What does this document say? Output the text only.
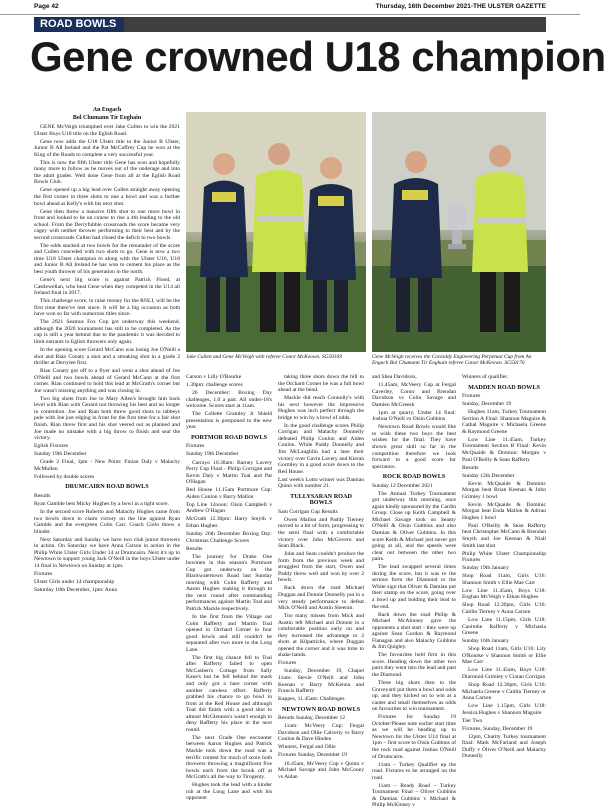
Page 42	Thursday, 16th December 2021-THE ULSTER GAZETTE
ROAD BOWLS
Gene crowned U18 champion
An Engach
Bol Chumann Tír Eoghain

GENE McVeigh triumphed over Jake Cullen to win the 2021 Ulster Boys U18 title on the Eglish Road.

Gene now adds the U18 Ulster title to the Junior B Ulster, Junior B All Ireland and the Pat McCaffrey Cup he won at the King of the Roads to complete a very successful year.

This is now the fifth Ulster title Gene has won and hopefully many more to follow as he moves out of the underage and into the adult grades. Well done Gene from all at the Eglish Road Bowls Club.

Gene opened up a big lead over Cullen straight away opening the first corner in three shots to one a bowl and was a further bowl ahead at Kelly's with his next shot.

Gene then threw a massive fifth shot to one more bowl in front and looked to be on course to rise a 4th leading to the old school. From the Derryfubble crossroads the score became very cagey with neither thrower performing to their best and by the second crossroads Cullen had closed the deficit to two bowls.

The odds stacked at two bowls for the remainder of the score and Cullen conceded with two shots to go. Gene is now a two time U18 Ulster champion to along with the Ulster U16, U16 and Junior B All Ireland he has won to cement his place as the best youth thrower of his generation in the north.

Gene's next big score is against Patrick Flood, at Castlewellan, who beat Gene when they competed in the U14 all Ireland final in 2017.

This challenge score, to raise money for the RNLI, will be the first time there've met since. It will be a big occasion as both have won so far with numerous titles since.

The 2021 Seamus Fox Cup got underway this weekend, although the 2020 tournament has still to be completed. As the cup is still a year behind due to the pandemic it was decided to limit entrants to Eglish throwers only again.

In the opening score Gerard McCann was losing Joe O'Neill a shot and Rian Conaty a shot and a streaking shot in a grade 2 thriller at Derrylee first.

Rian Conaty got off to a flyer and went a shot ahead of Joe O'Neill and two bowls ahead of Gerard McCann at the first corner. Rian continued to hold this lead at McGrath's corner but Joe wasn't missing anything and was closing in.

Two big shots from Joe to Mary Allen's brought him back level with Rian with Gerard not throwing his best and no longer in contention. Joe and Rian both threw good shots to tabbeys pole with Joe just edging in front for the first time for a fair shot finish. Rian threw first and his shot veered out as planned and Joe made no mistake with a big throw to finish and seal the victory.

Eglish Fixtures

Sunday 19th December

Grade 2 Final, 1pm - New Point: Finian Daly v Malachy McMullen

Followed by double scores

DRUMCAIRN ROAD BOWLS

Results

Ryan Gamble best Micky Hughes by a bowl in a tight score.

In the second score Roberto and Malachy Hughes came from two bowls down to claim victory on the line against Ryan Gamble and the evergreen Colin Carr. Coach Colin threw a blinder.

Next Saturday and Sunday we have two club junior throwers in action. On Saturday we have Anna Carson in action in the Philip White Ulster Girls Under 14 at Drumcairn. Next it's up to Newtown to support young Jack O'Neill in the boys Ulster under 14 final in Newtown on Sunday at 1pm.

Fixtures

Ulster Girls under 14 championship

Saturday 18th December, 1pm: Anna

Jake Cullen and Gene McVeigh with referee Conor McKeown. SG50169	Gene McVeigh receives the Considdy Engineering Perpetual Cup from An Engach Bol Chumann Tír Eoghain referee Conor McKeown. SG50170

Carson v Lilly O'Rourke

1.30pm: challenge scores

26 December: Boxing Day challenges, 1.0 a pair. All under-18's welcome. Scores start at 11am.

The Collette Gramley Jr Shield presentation is postponed to the new year.

PORTMOR ROAD BOWLS

Fixtures

Sunday 19th December

Carrayo 10.30am: Barney Lavery Perry Cup Final - Philip Corrigan and Kevin Daly v Martin Toal and Pat O'Hagan

Red House 11.15am Portmore Cup: Aiden Conlon v Barry Mallon

Top Line 12noon: Oisin Campbell v Andrew O'Hagan

McGrath 12.30pm: Harry Smyth v Ethan Hughes

Sunday 26th December Boxing Day: Christmas Challenge Scores

Results

The journey for Drake One bowmen in this season's Portmore Cup got underway on the Blackwatertown Road last Sunday morning with Colm Rafferty and Aaron Hughes making it through to the next round after commanding performances against Martin Toal and Patrick Mackle respectively.

In the first from the Village out Colm Rafferty and Martin Toal opened in Orchard Corner in four good bowls and still couldn't be separated after two more to the Long Lane.

The first big chance fell to Toal after Rafferty failed to open McCashen's Cottage from Sally Kane's but he fell behind the mark and only got a bare corner with another careless effort. Rafferty grabbed his chance to go bowl in front at the Red House and although Toal did finish with a good shot to almost McGlennon's wasn't enough to deny Rafferty his place in the next round.

The next Grade One encounter between Aaron Hughes and Patrick Mackle took down the road was a terrific contest for much of score both throwers throwing a magnificent five bowls each from the brook off at McGrath's all the way to Tirogenty.

Hughes took the lead with a kinder rub at the Long Lane and with his opponent

taking three shots down the hill to the Orchard Corner he was a full bowl ahead at the bend.

Mackle did reach Connolly's with his next however the impressive Hughes was inch perfect through the bridge to win by a bowl of odds.

In the good challenge scores Philip Corrigan and Malachy Donnelly defeated Philip Conlon and Aiden Conlon. While Paddy Donnelly and Jim McLaughlin had a lane their victory over Gavin Lavery and Kieran Gormley in a good score down to the Red House.

Last week's Lotto winner was Damian Quinn with number 21.

TULLYSARAN ROAD BOWLS

Sam Corrigan Cup Results

Owen Mallon and Paddy Tierney moved to a bit of form, progressing to the semi final with a comfortable victory over John McGovern and Sean Black.

John and Sean couldn't produce the form from the previous week and struggled from the start, Owen and Paddy threw well and won by over 2 bowls.

Back down the road Michael Duggan and Donnie Donnelly put in a very steady performance to defeat Mick O'Neill and Austin Sheeran.

Too many misses from Mick and Austin left Michael and Donnie in a comfortable position early on and they increased the advantage to 2 shots at Kilpatricks, where Duggan opened the corner and it was time to shake hands.

Fixtures

Sunday, December 19, Chapel 11am: Stevie O'Neill and John Keenan v Barry McKenna and Francis Rafferty

Kappes, 11.45am: Challenges

NEWTOWN ROAD BOWLS

Results Sunday, December 12

11am: McVeery Cup: Fergal Davidson and Ollie Calverty vs Barry Conlon & Dave Hinden

Winners, Fergal and Ollie

Fixtures Sunday, December 19

10.45am, McVeery Cup v Quinn v Michael Savage and John McCooey vs Aidan

and Shea Davidson,

11.45am, McVeery Cup at Fergal Caverley, Conor and Brendan Davidson vs Colin Savage and Damien McGreesh

1pm at quarry, Under 14 final: Joshua O'Neill vs Oisin Gubbins

Newtown Road Bowls would like to wish these two boys the best wishes for the final. They have shown great skill so far in the competition therefore we look forward to a good score for spectators.

ROCK ROAD BOWLS

Sunday 12 December 2021

The Annual Turkey Tournament got underway this morning, once again kindly sponsored by the Cardin Group. Close up Keith Campbell & Michael Savage took on Seamy O'Neill & Oisin Gubbins and also Damian & Oliver Gubbins. In this score Keith & Michael just never got going at all, and the speeds were clear out between the other two pairs.

The lead swapped several times during the score, but it was to the serious form the Diamond to the White sign that Oliver & Damian put their stamp on the score, going over a bowl up and holding their lead to the end.

Back down the road Philip & Michael McAlinney gave the opponents a shot start - they were up against Sean Gordon & Raymond Flanagan and also Malachy Gubbins & Jim Quigley.

The favourites held firm in this score. Heading down the other two pairs they went into the lead and past the Diamond.

Three big shots then to the Graveyard put them a bowl and odds up, and they kicked on to win at a canter and small themselves as odds on favourites to win tournament.

Fixtures for Sunday 19 October/Please note earlier start time as we will be heading up to Newtown for the Ulster U14 final at 1pm – first score to Oisin Gubbins of the rock road against Joshua O'Neill of Drumcairn.

11am – Turkey Qualifier up the road. Fixtures to be arranged on the road.

11am – Ready Road – Turkey Tournament Final – Oliver Gubbins & Damian Gubbins v Michael & Philip McKinney v

Winners of qualifier.

MADDEN ROAD BOWLS

Fixtures

Sunday, December 19

Hughes 11am, Turkey Tournament Section A Final: Shannon Maguire & Cathal Maguire v Michaela Greene & Raymond Greene

Low Line 11.45am, Turkey Tournament Section B Final: Kevin McQuaide & Dominic Morgan v Paul O'Reilly & Sean Rafferty

Results

Sunday 12th December

Kevin McQuaide & Dominic Morgan beat Brian Keenan & John Grimley 1 bowl

Kevin McQuaide & Dominic Morgan beat Enda Mallon & Adrian Hughes 1 bowl

Paul O'Reilly & Sean Rafferty beat Christopher McCann & Brendan Smyth and Joe Keenan & Niall Smith last shot

Philip White Ulster Championship Fixtures

Sunday 19th January

Shop Road 11am, Girls U16: Shannon Smith v Ellie Mae Carr

Low Line 11.45am, Boys U18: Eoghan McVeigh v Ethan Hughes

Shop Road 12.30pm, Girls U16: Caitlin Tierney v Anna Carson

Low Line 11.15pm, Girls U18: Caoimhe Rafferty v Michaela Greene

Sunday 16th January

Shop Road 11am, Girls U16: Lily O'Rourke v Shannon Smith or Ellie Mae Carr

Low Line 11.45am, Boys U18: Diarmuid Grimley v Ciaran Corrigan

Shop Road 12.30pm, Girls U16: Michaela Greene v Caitlin Tierney or Anna Carson

Low Line 1.15pm, Girls U18: Jessica Hughes v Shannon Maguire

Tier Two

Fixtures, Sunday, December 19

12pm, Charity Turkey tournament final: Mark McFarland and Joseph Duffy v Oliver O'Neill and Malachy Donnelly
